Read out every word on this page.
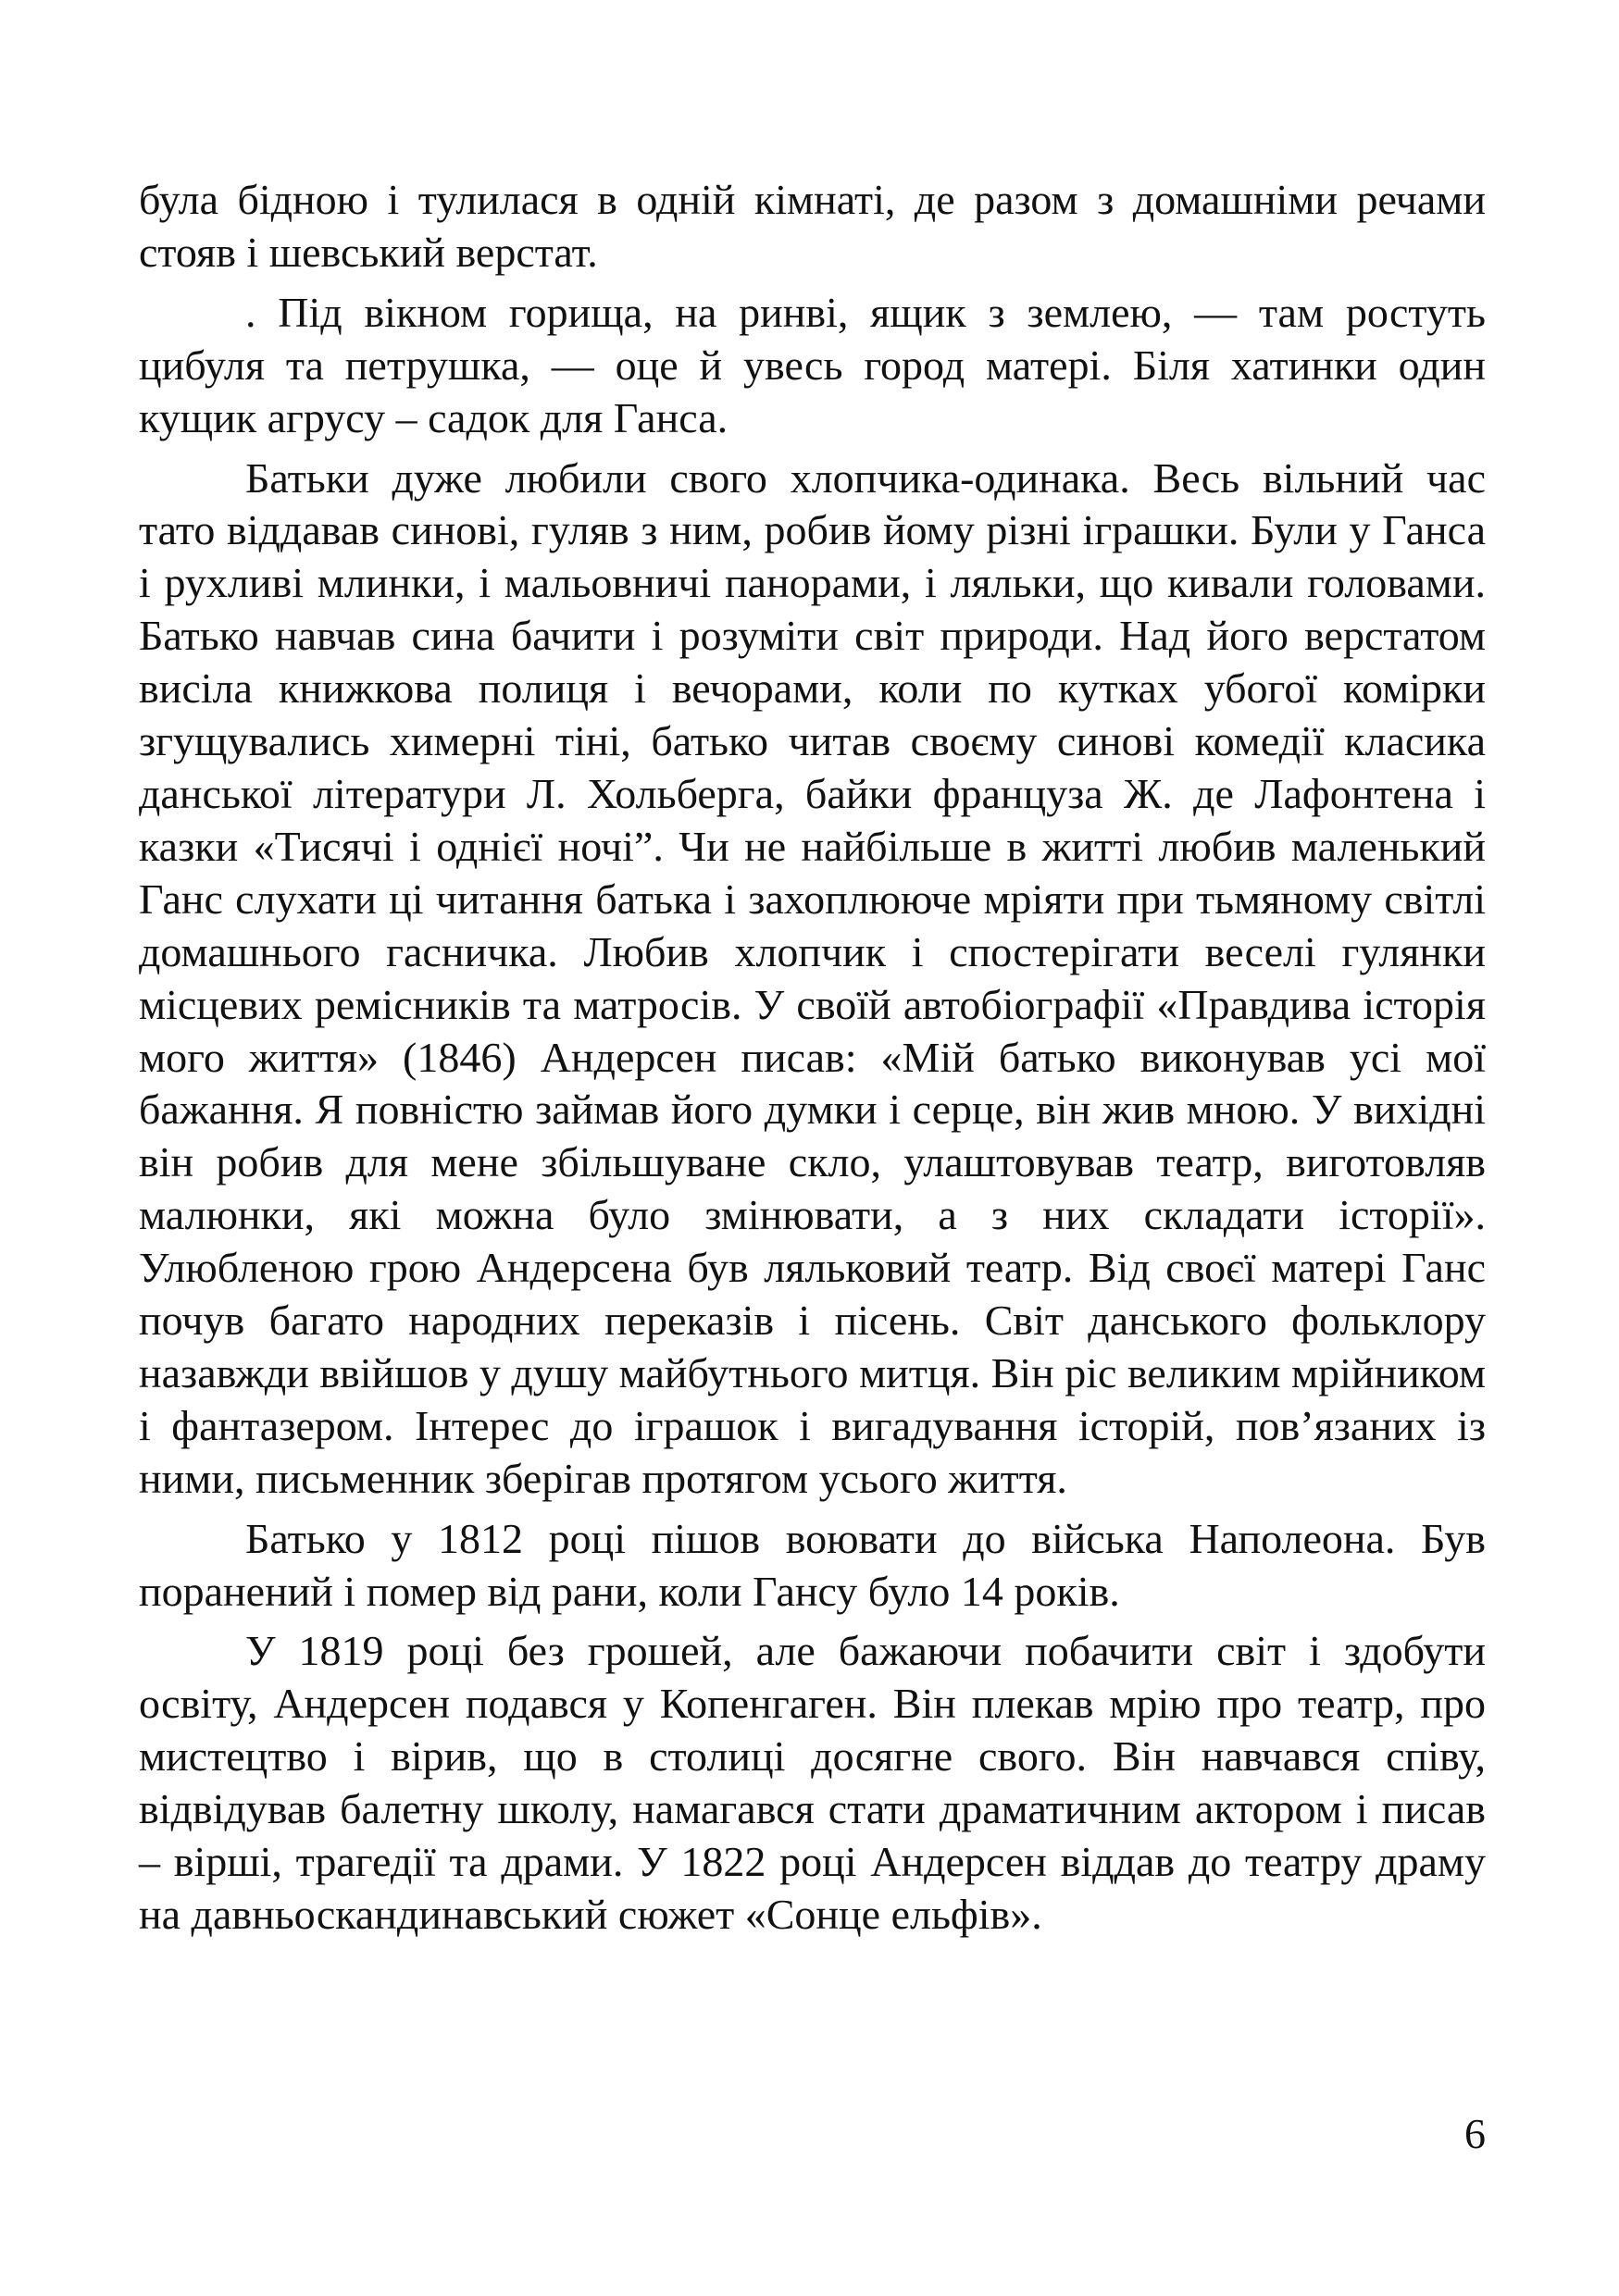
була бідною і тулилася в одній кімнаті, де разом з домашніми речами стояв і шевський верстат.

. Під вікном горища, на ринві, ящик з землею, — там ростуть цибуля та петрушка, — оце й увесь город матері. Біля хатинки один кущик агрусу – садок для Ганса.

Батьки дуже любили свого хлопчика-одинака. Весь вільний час тато віддавав синові, гуляв з ним, робив йому різні іграшки. Були у Ганса і рухливі млинки, і мальовничі панорами, і ляльки, що кивали головами. Батько навчав сина бачити і розуміти світ природи. Над його верстатом висіла книжкова полиця і вечорами, коли по кутках убогої комірки згущувались химерні тіні, батько читав своєму синові комедії класика данської літератури Л. Хольберга, байки француза Ж. де Лафонтена і казки «Тисячі і однієї ночі”. Чи не найбільше в житті любив маленький Ганс слухати ці читання батька і захоплююче мріяти при тьмяному світлі домашнього гасничка. Любив хлопчик і спостерігати веселі гулянки місцевих ремісників та матросів. У своїй автобіографії «Правдива історія мого життя» (1846) Андерсен писав: «Мій батько виконував усі мої бажання. Я повністю займав його думки і серце, він жив мною. У вихідні він робив для мене збільшуване скло, улаштовував театр, виготовляв малюнки, які можна було змінювати, а з них складати історії». Улюбленою грою Андерсена був ляльковий театр. Від своєї матері Ганс почув багато народних переказів і пісень. Світ данського фольклору назавжди ввійшов у душу майбутнього митця. Він ріс великим мрійником і фантазером. Інтерес до іграшок і вигадування історій, пов’язаних із ними, письменник зберігав протягом усього життя.

Батько у 1812 році пішов воювати до війська Наполеона. Був поранений і помер від рани, коли Гансу було 14 років.

У 1819 році без грошей, але бажаючи побачити світ і здобути освіту, Андерсен подався у Копенгаген. Він плекав мрію про театр, про мистецтво і вірив, що в столиці досягне свого. Він навчався співу, відвідував балетну школу, намагався стати драматичним актором і писав – вірші, трагедії та драми. У 1822 році Андерсен віддав до театру драму на давньоскандинавський сюжет «Сонце ельфів».

6
